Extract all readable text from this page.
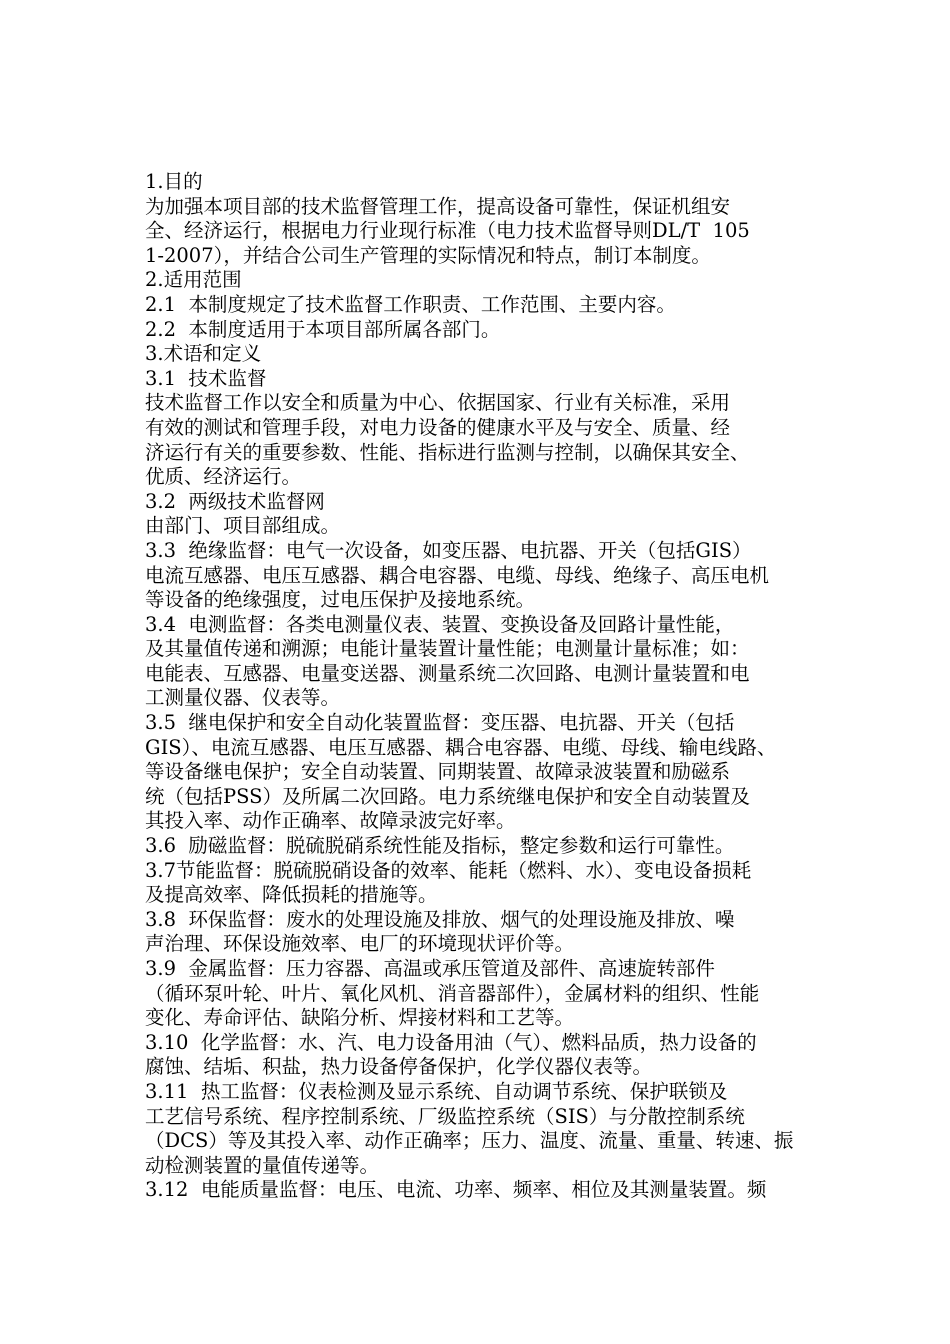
1.目的
为加强本项目部的技术监督管理工作，提高设备可靠性，保证机组安
全、经济运行，根据电力行业现行标准（电力技术监督导则DL/T  105
1-2007），并结合公司生产管理的实际情况和特点，制订本制度。
2.适用范围
2.1  本制度规定了技术监督工作职责、工作范围、主要内容。
2.2  本制度适用于本项目部所属各部门。
3.术语和定义
3.1  技术监督
技术监督工作以安全和质量为中心、依据国家、行业有关标准，采用
有效的测试和管理手段，对电力设备的健康水平及与安全、质量、经
济运行有关的重要参数、性能、指标进行监测与控制，以确保其安全、
优质、经济运行。
3.2  两级技术监督网
由部门、项目部组成。
3.3  绝缘监督：电气一次设备，如变压器、电抗器、开关（包括GIS）
电流互感器、电压互感器、耦合电容器、电缆、母线、绝缘子、高压电机
等设备的绝缘强度，过电压保护及接地系统。
3.4  电测监督：各类电测量仪表、装置、变换设备及回路计量性能，
及其量值传递和溯源；电能计量装置计量性能；电测量计量标准；如：
电能表、互感器、电量变送器、测量系统二次回路、电测计量装置和电
工测量仪器、仪表等。
3.5  继电保护和安全自动化装置监督：变压器、电抗器、开关（包括
GIS）、电流互感器、电压互感器、耦合电容器、电缆、母线、输电线路、
等设备继电保护；安全自动装置、同期装置、故障录波装置和励磁系
统（包括PSS）及所属二次回路。电力系统继电保护和安全自动装置及
其投入率、动作正确率、故障录波完好率。
3.6  励磁监督：脱硫脱硝系统性能及指标，整定参数和运行可靠性。
3.7节能监督：脱硫脱硝设备的效率、能耗（燃料、水）、变电设备损耗
及提高效率、降低损耗的措施等。
3.8  环保监督：废水的处理设施及排放、烟气的处理设施及排放、噪
声治理、环保设施效率、电厂的环境现状评价等。
3.9  金属监督：压力容器、高温或承压管道及部件、高速旋转部件
（循环泵叶轮、叶片、氧化风机、消音器部件），金属材料的组织、性能
变化、寿命评估、缺陷分析、焊接材料和工艺等。
3.10  化学监督：水、汽、电力设备用油（气）、燃料品质，热力设备的
腐蚀、结垢、积盐，热力设备停备保护，化学仪器仪表等。
3.11  热工监督：仪表检测及显示系统、自动调节系统、保护联锁及
工艺信号系统、程序控制系统、厂级监控系统（SIS）与分散控制系统
（DCS）等及其投入率、动作正确率；压力、温度、流量、重量、转速、振
动检测装置的量值传递等。
3.12  电能质量监督：电压、电流、功率、频率、相位及其测量装置。频
